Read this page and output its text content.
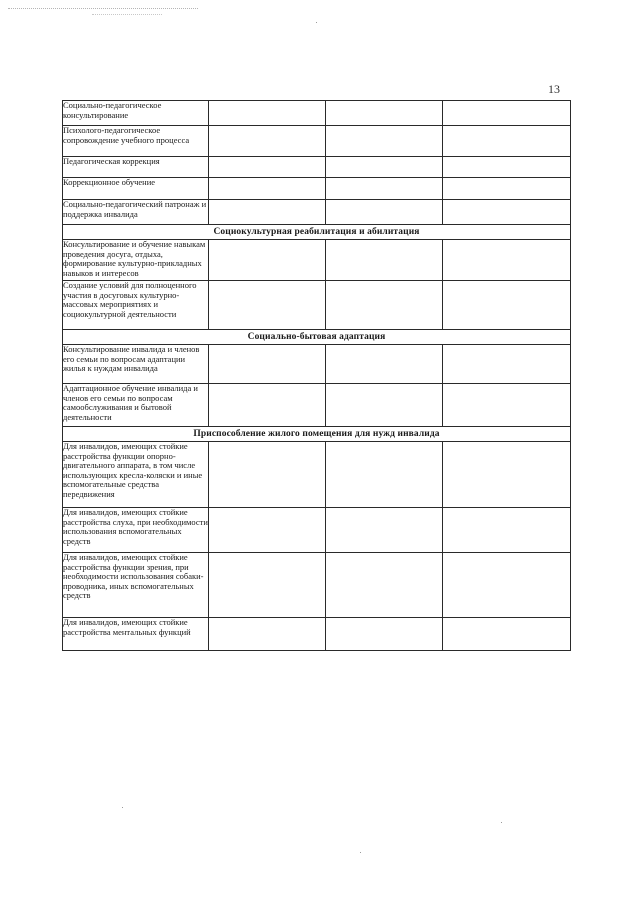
13
Социально-педагогическое консультирование			
Психолого-педагогическое сопровождение учебного процесса			
Педагогическая коррекция			
Коррекционное обучение			
Социально-педагогический патронаж и поддержка инвалида			
Социокультурная реабилитация и абилитация			
Консультирование и обучение навыкам проведения досуга, отдыха, формирование культурно-прикладных навыков и интересов			
Создание условий для полноценного участия в досуговых культурно-массовых мероприятиях и социокультурной деятельности			
Социально-бытовая адаптация			
Консультирование инвалида и членов его семьи по вопросам адаптации жилья к нуждам инвалида			
Адаптационное обучение инвалида и членов его семьи по вопросам самообслуживания и бытовой деятельности			
Приспособление жилого помещения для нужд инвалида			
Для инвалидов, имеющих стойкие расстройства функции опорно-двигательного аппарата, в том числе использующих кресла-коляски и иные вспомогательные средства передвижения			
Для инвалидов, имеющих стойкие расстройства слуха, при необходимости использования вспомогательных средств			
Для инвалидов, имеющих стойкие расстройства функции зрения, при необходимости использования собаки-проводника, иных вспомогательных средств			
Для инвалидов, имеющих стойкие расстройства ментальных функций			
